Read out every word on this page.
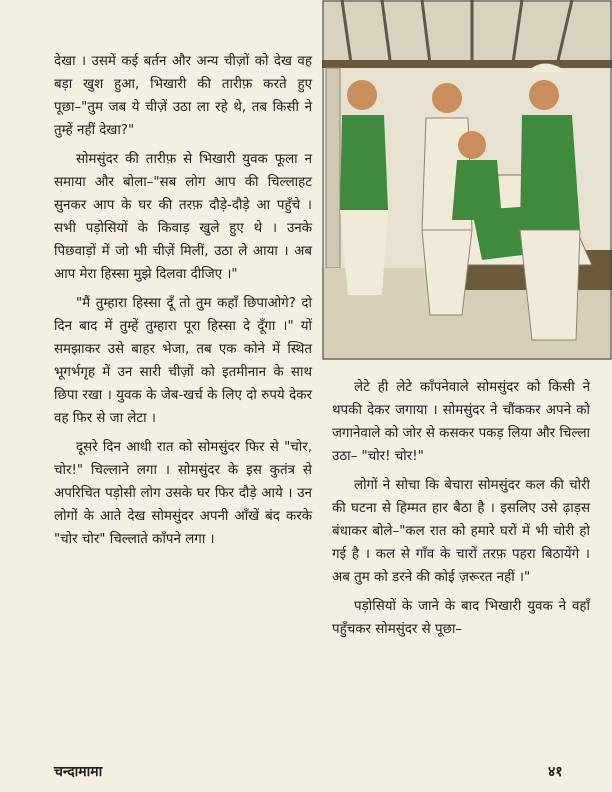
देखा । उसमें कई बर्तन और अन्य चीज़ों को देख वह बड़ा खुश हुआ, भिखारी की तारीफ़ करते हुए पूछा–"तुम जब ये चीज़ें उठा ला रहे थे, तब किसी ने तुम्हें नहीं देखा?"

सोमसुंदर की तारीफ़ से भिखारी युवक फूला न समाया और बोला–"सब लोग आप की चिल्लाहट सुनकर आप के घर की तरफ़ दौड़े-दौड़े आ पहुँचे । सभी पड़ोसियों के किवाड़ खुले हुए थे । उनके पिछवाड़ों में जो भी चीज़ें मिलीं, उठा ले आया । अब आप मेरा हिस्सा मुझे दिलवा दीजिए ।"

"मैं तुम्हारा हिस्सा दूँ तो तुम कहाँ छिपाओगे? दो दिन बाद में तुम्हें तुम्हारा पूरा हिस्सा दे दूँगा ।" यों समझाकर उसे बाहर भेजा, तब एक कोने में स्थित भूगर्भगृह में उन सारी चीज़ों को इतमीनान के साथ छिपा रखा । युवक के जेब-खर्च के लिए दो रुपये देकर वह फिर से जा लेटा ।

दूसरे दिन आधी रात को सोमसुंदर फिर से "चोर, चोर!" चिल्लाने लगा । सोमसुंदर के इस कुतंत्र से अपरिचित पड़ोसी लोग उसके घर फिर दौड़े आये । उन लोगों के आते देख सोमसुंदर अपनी आँखें बंद करके "चोर चोर" चिल्लाते काँपने लगा ।

लेटे ही लेटे काँपनेवाले सोमसुंदर को किसी ने थपकी देकर जगाया । सोमसुंदर ने चौंककर अपने को जगानेवाले को जोर से कसकर पकड़ लिया और चिल्ला उठा– "चोर! चोर!"

लोगों ने सोचा कि बेचारा सोमसुंदर कल की चोरी की घटना से हिम्मत हार बैठा है । इसलिए उसे ढ़ाड़स बंधाकर बोले–"कल रात को हमारे घरों में भी चोरी हो गई है । कल से गाँव के चारों तरफ़ पहरा बिठायेंगे । अब तुम को डरने की कोई ज़रूरत नहीं ।"

पड़ोसियों के जाने के बाद भिखारी युवक ने वहाँ पहुँचकर सोमसुंदर से पूछा–

चन्दामामा	४१
